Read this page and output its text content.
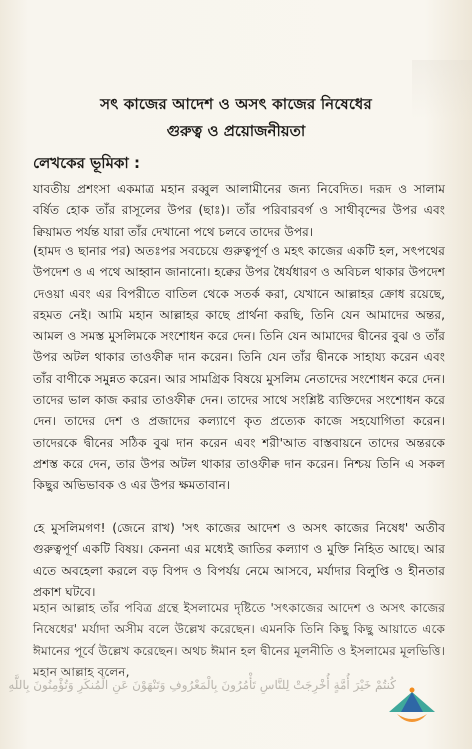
সৎ কাজের আদেশ ও অসৎ কাজের নিষেধের
গুরুত্ব ও প্রয়োজনীয়তা
লেখকের ভূমিকা :

যাবতীয় প্রশংসা একমাত্র মহান রব্বুল আলামীনের জন্য নিবেদিত। দরূদ ও সালাম বর্ষিত হোক তাঁর রাসূলের উপর (ছাঃ)। তাঁর পরিবারবর্গ ও সাথীবৃন্দের উপর এবং ক্বিয়ামত পর্যন্ত যারা তাঁর দেখানো পথে চলবে তাদের উপর।

(হামদ ও ছানার পর) অতঃপর সবচেয়ে গুরুত্বপূর্ণ ও মহৎ কাজের একটি হল, সৎপথের উপদেশ ও এ পথে আহ্বান জানানো। হক্বের উপর ধৈর্যধারণ ও অবিচল থাকার উপদেশ দেওয়া এবং এর বিপরীতে বাতিল থেকে সতর্ক করা, যেখানে আল্লাহর ক্রোধ রয়েছে, রহমত নেই। আমি মহান আল্লাহর কাছে প্রার্থনা করছি, তিনি যেন আমাদের অন্তর, আমল ও সমস্ত মুসলিমকে সংশোধন করে দেন। তিনি যেন আমাদের দ্বীনের বুঝ ও তাঁর উপর অটল থাকার তাওফীক্ব দান করেন। তিনি যেন তাঁর দ্বীনকে সাহায্য করেন এবং তাঁর বাণীকে সমুন্নত করেন। আর সামগ্রিক বিষয়ে মুসলিম নেতাদের সংশোধন করে দেন। তাদের ভাল কাজ করার তাওফীক্ব দেন। তাদের সাথে সংশ্লিষ্ট ব্যক্তিদের সংশোধন করে দেন। তাদের দেশ ও প্রজাদের কল্যাণে কৃত প্রত্যেক কাজে সহযোগিতা করেন। তাদেরকে দ্বীনের সঠিক বুঝ দান করেন এবং শরী'আত বাস্তবায়নে তাদের অন্তরকে প্রশস্ত করে দেন, তার উপর অটল থাকার তাওফীক্ব দান করেন। নিশ্চয় তিনি এ সকল কিছুর অভিভাবক ও এর উপর ক্ষমতাবান।

হে মুসলিমগণ! (জেনে রাখ) 'সৎ কাজের আদেশ ও অসৎ কাজের নিষেধ' অতীব গুরুত্বপূর্ণ একটি বিষয়। কেননা এর মধ্যেই জাতির কল্যাণ ও মুক্তি নিহিত আছে। আর এতে অবহেলা করলে বড় বিপদ ও বিপর্যয় নেমে আসবে, মর্যাদার বিলুপ্তি ও হীনতার প্রকাশ ঘটবে।

মহান আল্লাহ তাঁর পবিত্র গ্রন্থে ইসলামের দৃষ্টিতে 'সৎকাজের আদেশ ও অসৎ কাজের নিষেধের' মর্যাদা অসীম বলে উল্লেখ করেছেন। এমনকি তিনি কিছু কিছু আয়াতে একে ঈমানের পূর্বে উল্লেখ করেছেন। অথচ ঈমান হল দ্বীনের মূলনীতি ও ইসলামের মূলভিত্তি। মহান আল্লাহ বলেন,

كُنتُمْ خَيْرَ أُمَّةٍ أُخْرِجَتْ لِلنَّاسِ تَأْمُرُونَ بِالْمَعْرُوفِ وَتَنْهَوْنَ عَنِ الْمُنكَرِ وَتُؤْمِنُونَ بِاللَّهِ
